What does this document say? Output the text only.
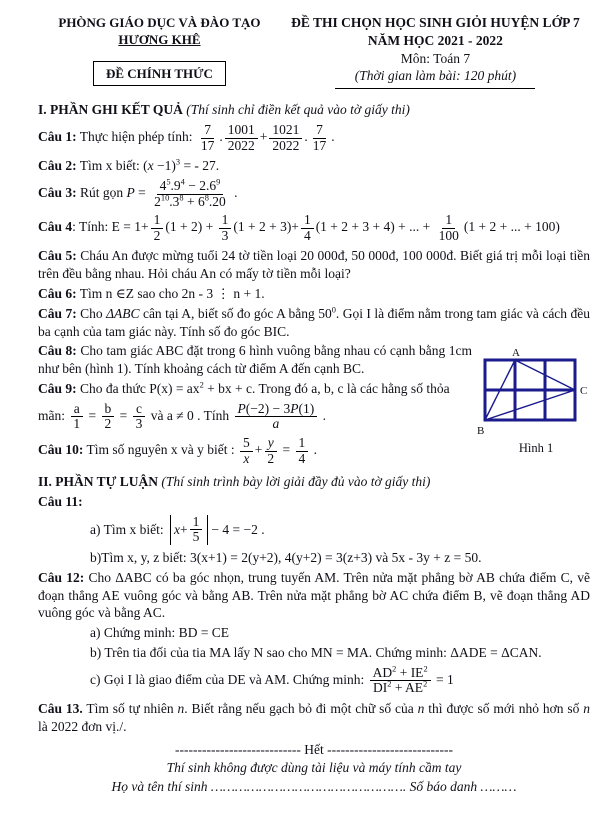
PHÒNG GIÁO DỤC VÀ ĐÀO TẠO
HƯƠNG KHÊ
ĐỀ CHÍNH THỨC
ĐỀ THI CHỌN HỌC SINH GIỎI HUYỆN LỚP 7
NĂM HỌC 2021 - 2022
Môn: Toán 7
(Thời gian làm bài: 120 phút)
I. PHẦN GHI KẾT QUẢ (Thí sinh chỉ điền kết quả vào tờ giấy thi)
Câu 1: Thực hiện phép tính: $\frac{7}{17}$ . $\frac{1001}{2022} + \frac{1021}{2022}$ . $\frac{7}{17}$ .
Câu 2: Tìm x biết: $(x -1)^3$ = - 27.
Câu 3: Rút gọn $P = \frac{4^5.9^4 - 2.6^9}{2^{10}.3^8 + 6^8.20}$ .
Câu 4: Tính: $E = 1+ \frac{1}{2} (1 + 2) + \frac{1}{3} (1 + 2 + 3)+ \frac{1}{4} (1 + 2 + 3 + 4)$ + ... + $\frac{1}{100} (1 + 2$ + ... + 100)
Câu 5: Cháu An được mừng tuổi 24 tờ tiền loại 20 000đ, 50 000đ, 100 000đ. Biết giá trị mỗi loại tiền trên đều bằng nhau. Hỏi cháu An có mấy tờ tiền mỗi loại?
Câu 6: Tìm n ∈Z sao cho 2n - 3 ⋮ n + 1.
Câu 7: Cho ΔABC cân tại A, biết số đo góc A bằng $50^0$. Gọi I là điểm nằm trong tam giác và cách đều ba cạnh của tam giác này. Tính số đo góc BIC.
Câu 8: Cho tam giác ABC đặt trong 6 hình vuông bằng nhau có cạnh bằng 1cm như bên (hình 1). Tính khoảng cách từ điểm A đến cạnh BC.
Câu 9: Cho đa thức $P(x) = ax^2$ + bx + c. Trong đó a, b, c là các hằng số thỏa
mãn: $\frac{a}{1} = \frac{b}{2} = \frac{c}{3}$ và a ≠ 0 . Tính $\frac{P(-2) - 3P(1)}{a}$ .
Câu 10: Tìm số nguyên x và y biết : $\frac{5}{x} + \frac{y}{2} = \frac{1}{4}$ .
II. PHẦN TỰ LUẬN (Thí sinh trình bày lời giải đầy đủ vào tờ giấy thi)
Câu 11:
a) Tìm x biết: $x + \frac{1}{5} - 4 = -2$ .
b)Tìm x, y, z biết: 3(x+1) = 2(y+2), 4(y+2) = 3(z+3) và 5x - 3y + z = 50.
Câu 12: Cho ΔABC có ba góc nhọn, trung tuyến AM. Trên nửa mặt phẳng bờ AB chứa điểm C, vẽ đoạn thẳng AE vuông góc và bằng AB. Trên nửa mặt phẳng bờ AC chứa điểm B, vẽ đoạn thẳng AD vuông góc và bằng AC.
a) Chứng minh: BD = CE
b) Trên tia đối của tia MA lấy N sao cho MN = MA. Chứng minh: ΔADE = ΔCAN.
c) Gọi I là giao điểm của DE và AM. Chứng minh: $\frac{AD^2 + IE^2}{DI^2 + AE^2} = 1$
Câu 13. Tìm số tự nhiên n. Biết rằng nếu gạch bỏ đi một chữ số của n thì được số mới nhỏ hơn số n là 2022 đơn vị./.
A
B
C
Hình 1
---------------------------- Hết ----------------------------
Thí sinh không được dùng tài liệu và máy tính cầm tay
Họ và tên thí sinh …………………………………………. Số báo danh ………
